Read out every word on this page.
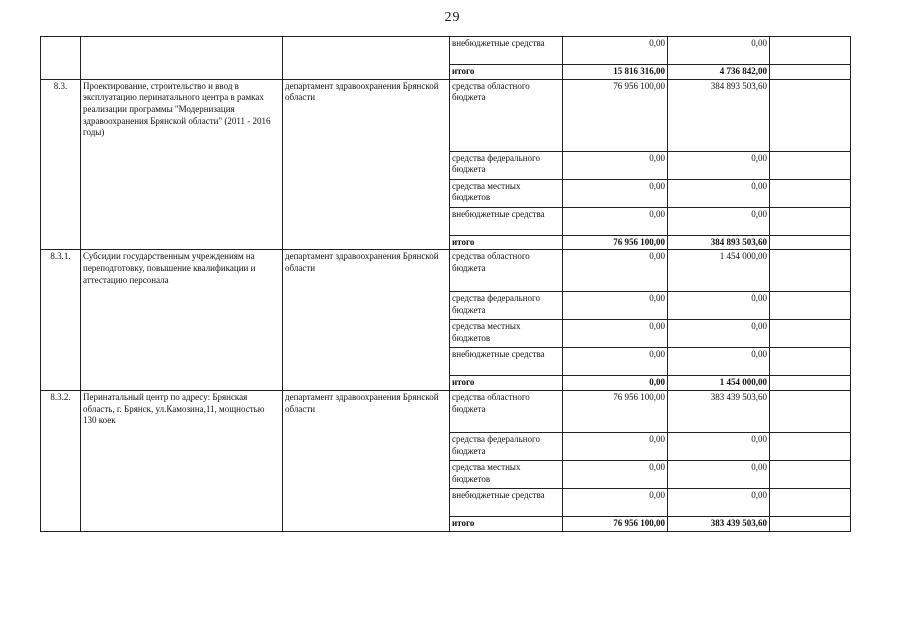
29
			внебюджетные средства	0,00	0,00	
			итого	15 816 316,00	4 736 842,00	
8.3.	Проектирование, строительство и ввод в эксплуатацию перинатального центра в рамках реализации программы "Модернизация здравоохранения Брянской области" (2011 - 2016 годы)	департамент здравоохранения Брянской области	средства областного бюджета	76 956 100,00	384 893 503,60	
			средства федерального бюджета	0,00	0,00	
			средства местных бюджетов	0,00	0,00	
			внебюджетные средства	0,00	0,00	
			итого	76 956 100,00	384 893 503,60	
8.3.1.	Субсидии государственным учреждениям на переподготовку, повышение квалификации и аттестацию персонала	департамент здравоохранения Брянской области	средства областного бюджета	0,00	1 454 000,00	
			средства федерального бюджета	0,00	0,00	
			средства местных бюджетов	0,00	0,00	
			внебюджетные средства	0,00	0,00	
			итого	0,00	1 454 000,00	
8.3.2.	Перинатальный центр по адресу: Брянская область, г. Брянск, ул.Камозина,11, мощностью 130 коек	департамент здравоохранения Брянской области	средства областного бюджета	76 956 100,00	383 439 503,60	
			средства федерального бюджета	0,00	0,00	
			средства местных бюджетов	0,00	0,00	
			внебюджетные средства	0,00	0,00	
			итого	76 956 100,00	383 439 503,60	
